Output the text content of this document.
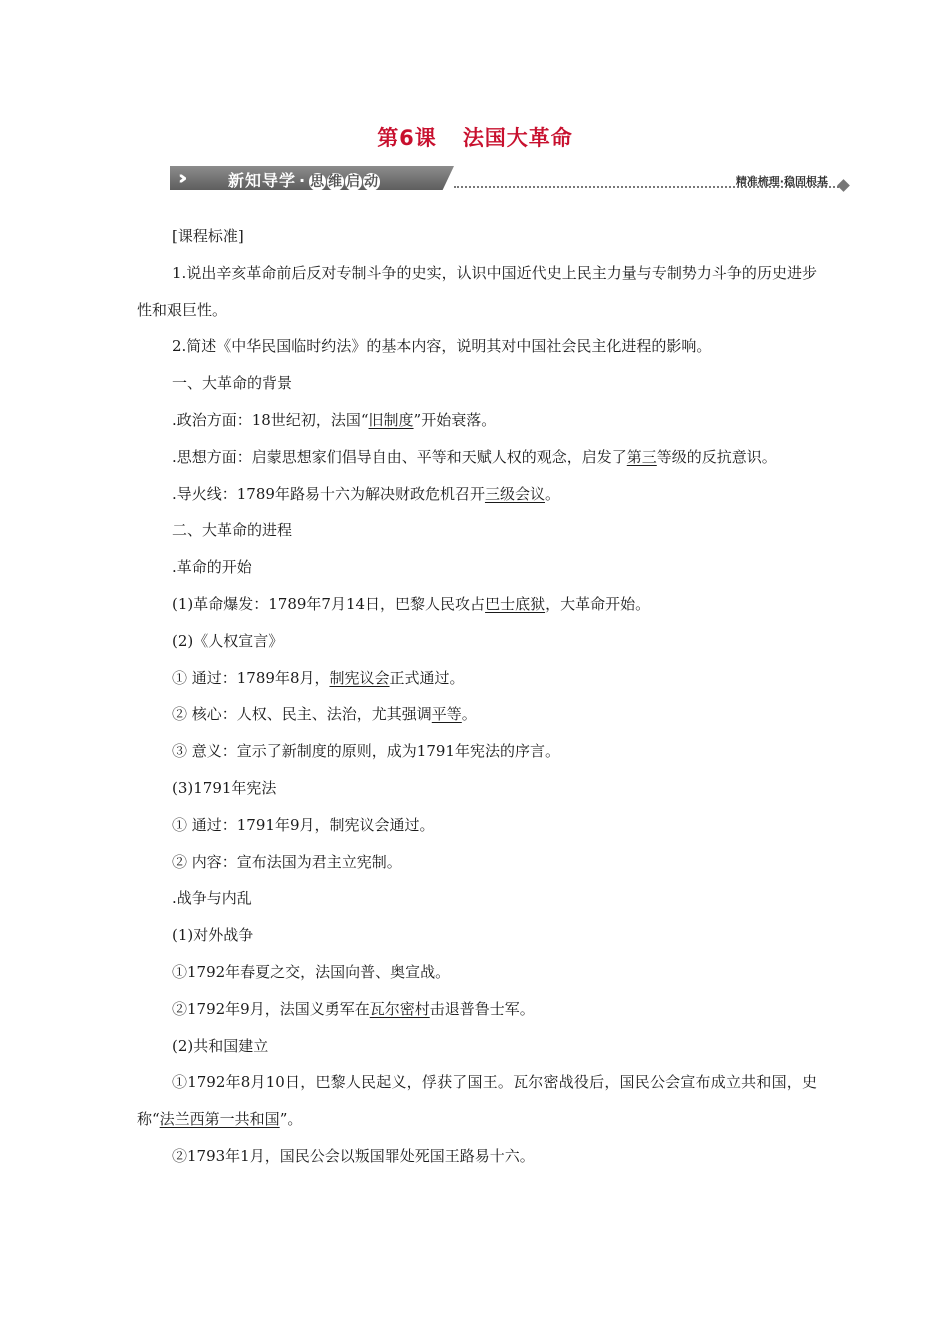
第6课 法国大革命
›››	新知导学 · 思 维 启 动	精准梳理·稳固根基

[课程标准]

1.说出辛亥革命前后反对专制斗争的史实，认识中国近代史上民主力量与专制势力斗争的历史进步性和艰巨性。

2.简述《中华民国临时约法》的基本内容，说明其对中国社会民主化进程的影响。

一、大革命的背景

.政治方面：18世纪初，法国“旧制度”开始衰落。

.思想方面：启蒙思想家们倡导自由、平等和天赋人权的观念，启发了第三等级的反抗意识。

.导火线：1789年路易十六为解决财政危机召开三级会议。

二、大革命的进程

.革命的开始

(1)革命爆发：1789年7月14日，巴黎人民攻占巴士底狱，大革命开始。

(2)《人权宣言》

① 通过：1789年8月，制宪议会正式通过。

② 核心：人权、民主、法治，尤其强调平等。

③ 意义：宣示了新制度的原则，成为1791年宪法的序言。

(3)1791年宪法

① 通过：1791年9月，制宪议会通过。

② 内容：宣布法国为君主立宪制。

.战争与内乱

(1)对外战争

①1792年春夏之交，法国向普、奥宣战。

②1792年9月，法国义勇军在瓦尔密村击退普鲁士军。

(2)共和国建立

①1792年8月10日，巴黎人民起义，俘获了国王。瓦尔密战役后，国民公会宣布成立共和国，史称“法兰西第一共和国”。

②1793年1月，国民公会以叛国罪处死国王路易十六。
